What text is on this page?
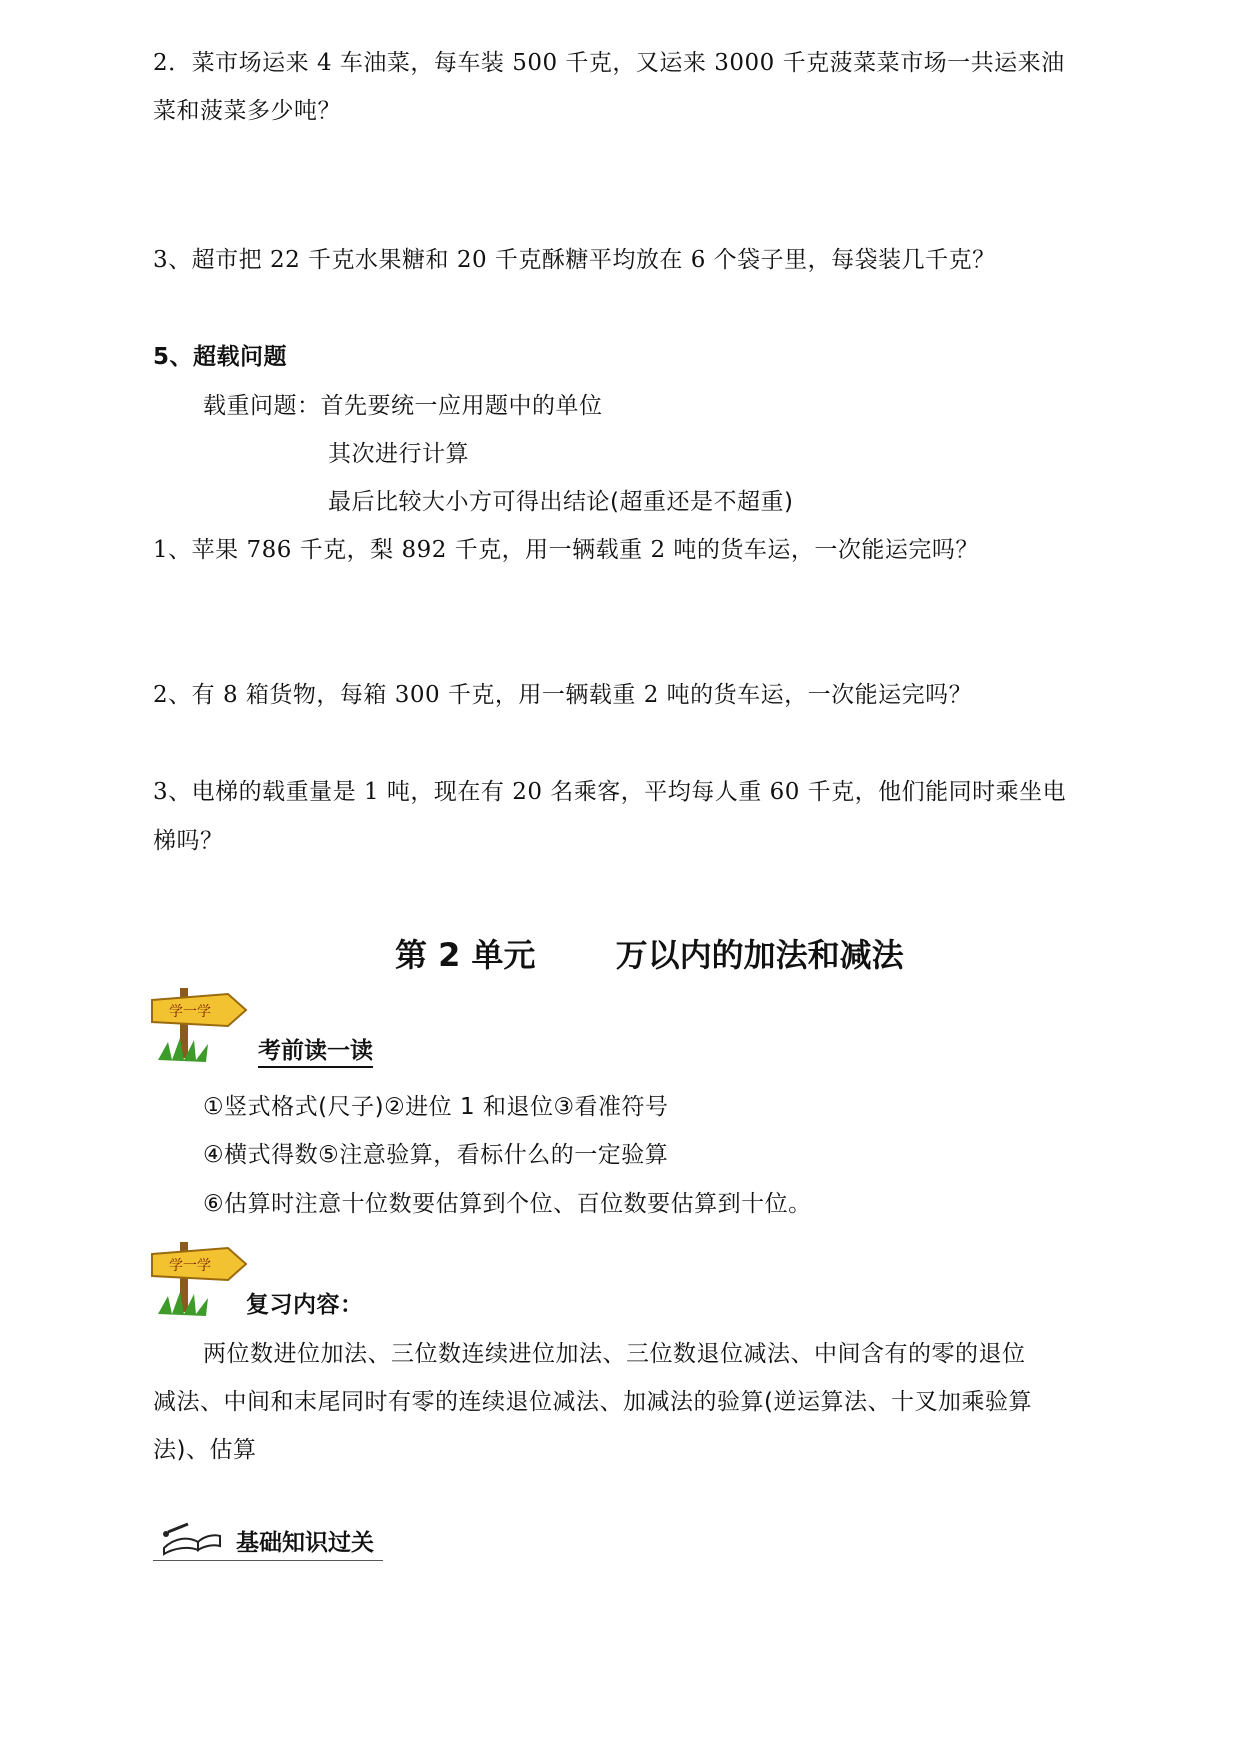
2．菜市场运来 4 车油菜，每车装 500 千克，又运来 3000 千克菠菜菜市场一共运来油
菜和菠菜多少吨？
3、超市把 22 千克水果糖和 20 千克酥糖平均放在 6 个袋子里，每袋装几千克？
5、超载问题
载重问题：首先要统一应用题中的单位
其次进行计算
最后比较大小方可得出结论(超重还是不超重)
1、苹果 786 千克，梨 892 千克，用一辆载重 2 吨的货车运，一次能运完吗？
2、有 8 箱货物，每箱 300 千克，用一辆载重 2 吨的货车运，一次能运完吗？
3、电梯的载重量是 1 吨，现在有 20 名乘客，平均每人重 60 千克，他们能同时乘坐电
梯吗？
第 2 单元	万以内的加法和减法
学一学
考前读一读
①竖式格式(尺子)②进位 1 和退位③看准符号
④横式得数⑤注意验算，看标什么的一定验算
⑥估算时注意十位数要估算到个位、百位数要估算到十位。
学一学
复习内容：
两位数进位加法、三位数连续进位加法、三位数退位减法、中间含有的零的退位
减法、中间和末尾同时有零的连续退位减法、加减法的验算(逆运算法、十叉加乘验算
法)、估算
基础知识过关
